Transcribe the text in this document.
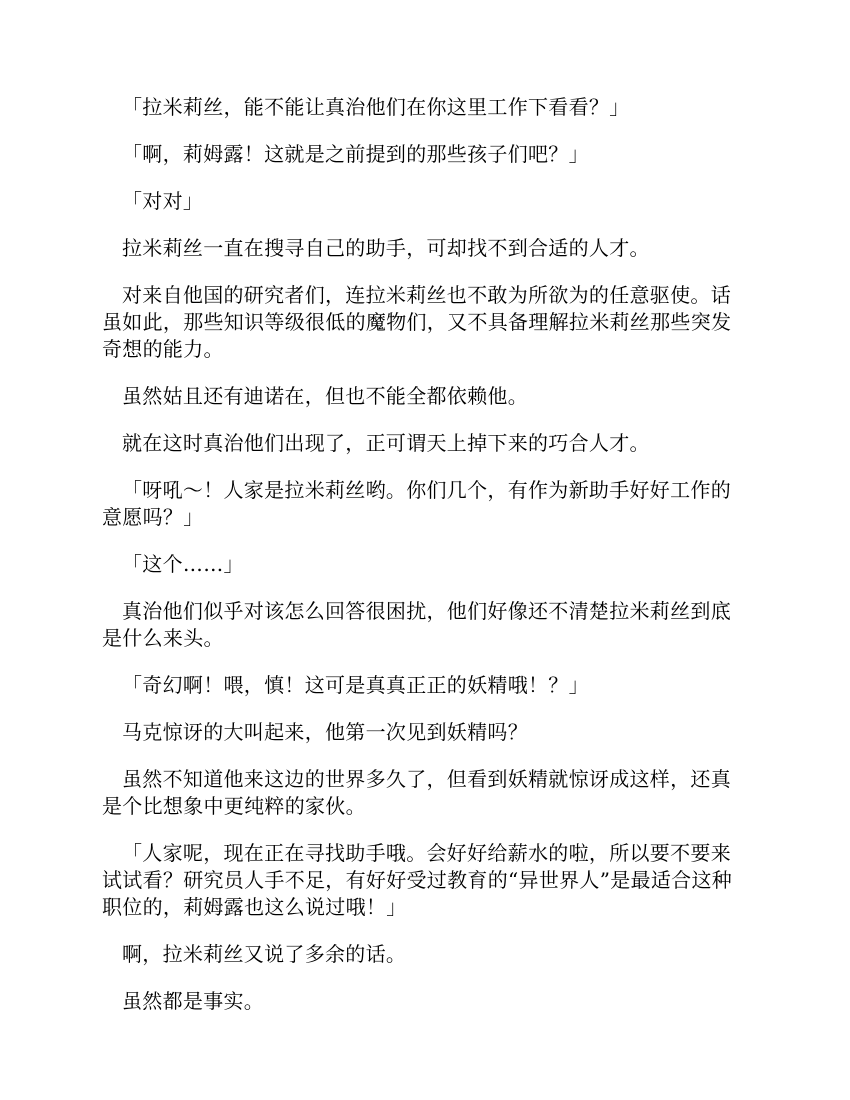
「拉米莉丝，能不能让真治他们在你这里工作下看看？」

「啊，莉姆露！这就是之前提到的那些孩子们吧？」

「对对」

拉米莉丝一直在搜寻自己的助手，可却找不到合适的人才。

对来自他国的研究者们，连拉米莉丝也不敢为所欲为的任意驱使。话虽如此，那些知识等级很低的魔物们，又不具备理解拉米莉丝那些突发奇想的能力。

虽然姑且还有迪诺在，但也不能全都依赖他。

就在这时真治他们出现了，正可谓天上掉下来的巧合人才。

「呀吼～！人家是拉米莉丝哟。你们几个，有作为新助手好好工作的意愿吗？」

「这个……」

真治他们似乎对该怎么回答很困扰，他们好像还不清楚拉米莉丝到底是什么来头。

「奇幻啊！喂，慎！这可是真真正正的妖精哦！？」

马克惊讶的大叫起来，他第一次见到妖精吗？

虽然不知道他来这边的世界多久了，但看到妖精就惊讶成这样，还真是个比想象中更纯粹的家伙。

「人家呢，现在正在寻找助手哦。会好好给薪水的啦，所以要不要来试试看？研究员人手不足，有好好受过教育的“异世界人”是最适合这种职位的，莉姆露也这么说过哦！」

啊，拉米莉丝又说了多余的话。

虽然都是事实。
